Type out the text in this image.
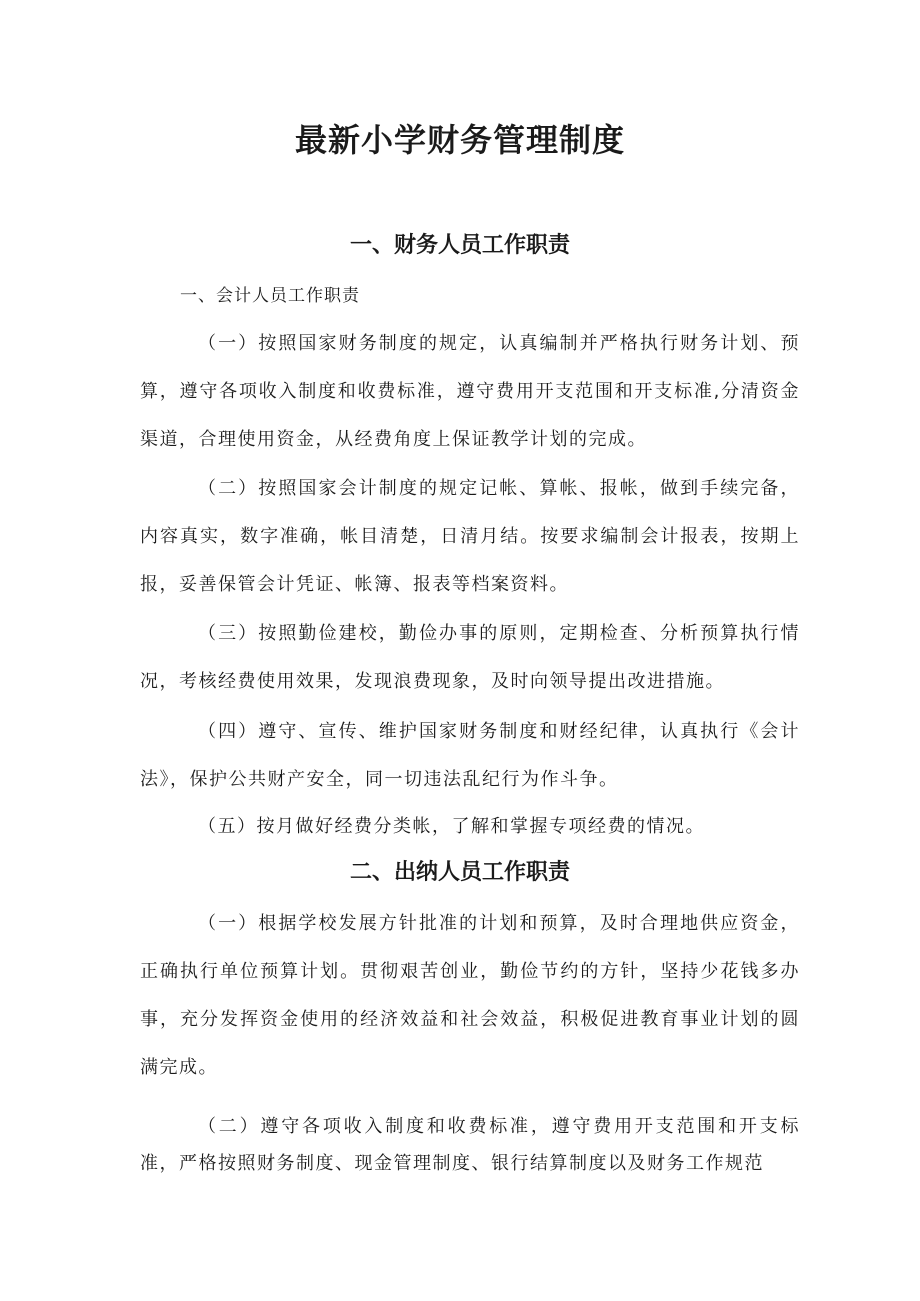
最新小学财务管理制度
一、财务人员工作职责

一、会计人员工作职责

（一）按照国家财务制度的规定，认真编制并严格执行财务计划、预算，遵守各项收入制度和收费标准，遵守费用开支范围和开支标准,分清资金渠道，合理使用资金，从经费角度上保证教学计划的完成。

（二）按照国家会计制度的规定记帐、算帐、报帐，做到手续完备，内容真实，数字准确，帐目清楚，日清月结。按要求编制会计报表，按期上报，妥善保管会计凭证、帐簿、报表等档案资料。

（三）按照勤俭建校，勤俭办事的原则，定期检查、分析预算执行情况，考核经费使用效果，发现浪费现象，及时向领导提出改进措施。

（四）遵守、宣传、维护国家财务制度和财经纪律，认真执行《会计法》，保护公共财产安全，同一切违法乱纪行为作斗争。

（五）按月做好经费分类帐，了解和掌握专项经费的情况。

二、出纳人员工作职责

（一）根据学校发展方针批准的计划和预算，及时合理地供应资金，正确执行单位预算计划。贯彻艰苦创业，勤俭节约的方针，坚持少花钱多办事，充分发挥资金使用的经济效益和社会效益，积极促进教育事业计划的圆满完成。

（二）遵守各项收入制度和收费标准，遵守费用开支范围和开支标准，严格按照财务制度、现金管理制度、银行结算制度以及财务工作规范
